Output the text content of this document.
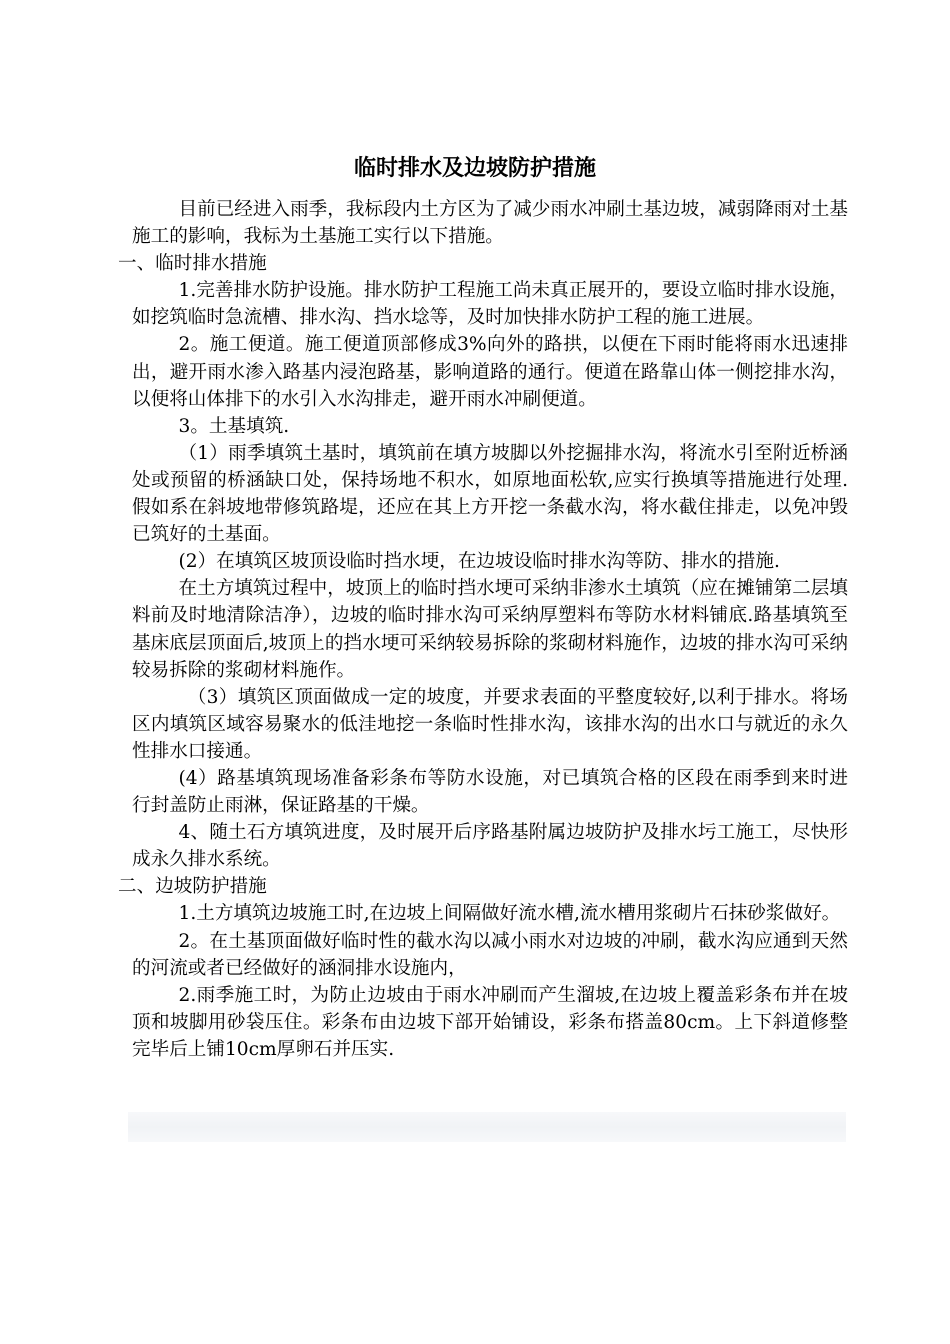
临时排水及边坡防护措施

目前已经进入雨季，我标段内土方区为了减少雨水冲刷土基边坡，减弱降雨对土基施工的影响，我标为土基施工实行以下措施。

一、临时排水措施

1.完善排水防护设施。排水防护工程施工尚未真正展开的，要设立临时排水设施，如挖筑临时急流槽、排水沟、挡水埝等，及时加快排水防护工程的施工进展。

2。施工便道。施工便道顶部修成3%向外的路拱，以便在下雨时能将雨水迅速排出，避开雨水渗入路基内浸泡路基，影响道路的通行。便道在路靠山体一侧挖排水沟，以便将山体排下的水引入水沟排走，避开雨水冲刷便道。

3。土基填筑.

（1）雨季填筑土基时，填筑前在填方坡脚以外挖掘排水沟，将流水引至附近桥涵处或预留的桥涵缺口处，保持场地不积水，如原地面松软,应实行换填等措施进行处理.假如系在斜坡地带修筑路堤，还应在其上方开挖一条截水沟，将水截住排走，以免冲毁已筑好的土基面。

(2）在填筑区坡顶设临时挡水埂，在边坡设临时排水沟等防、排水的措施.

在土方填筑过程中，坡顶上的临时挡水埂可采纳非渗水土填筑（应在摊铺第二层填料前及时地清除洁净），边坡的临时排水沟可采纳厚塑料布等防水材料铺底.路基填筑至基床底层顶面后,坡顶上的挡水埂可采纳较易拆除的浆砌材料施作，边坡的排水沟可采纳较易拆除的浆砌材料施作。

（3）填筑区顶面做成一定的坡度，并要求表面的平整度较好,以利于排水。将场区内填筑区域容易聚水的低洼地挖一条临时性排水沟，该排水沟的出水口与就近的永久性排水口接通。

(4）路基填筑现场准备彩条布等防水设施，对已填筑合格的区段在雨季到来时进行封盖防止雨淋，保证路基的干燥。

4、随土石方填筑进度，及时展开后序路基附属边坡防护及排水圬工施工，尽快形成永久排水系统。

二、边坡防护措施

1.土方填筑边坡施工时,在边坡上间隔做好流水槽,流水槽用浆砌片石抹砂浆做好。

2。在土基顶面做好临时性的截水沟以减小雨水对边坡的冲刷，截水沟应通到天然的河流或者已经做好的涵洞排水设施内，

2.雨季施工时，为防止边坡由于雨水冲刷而产生溜坡,在边坡上覆盖彩条布并在坡顶和坡脚用砂袋压住。彩条布由边坡下部开始铺设，彩条布搭盖80cm。上下斜道修整完毕后上铺10cm厚卵石并压实.
